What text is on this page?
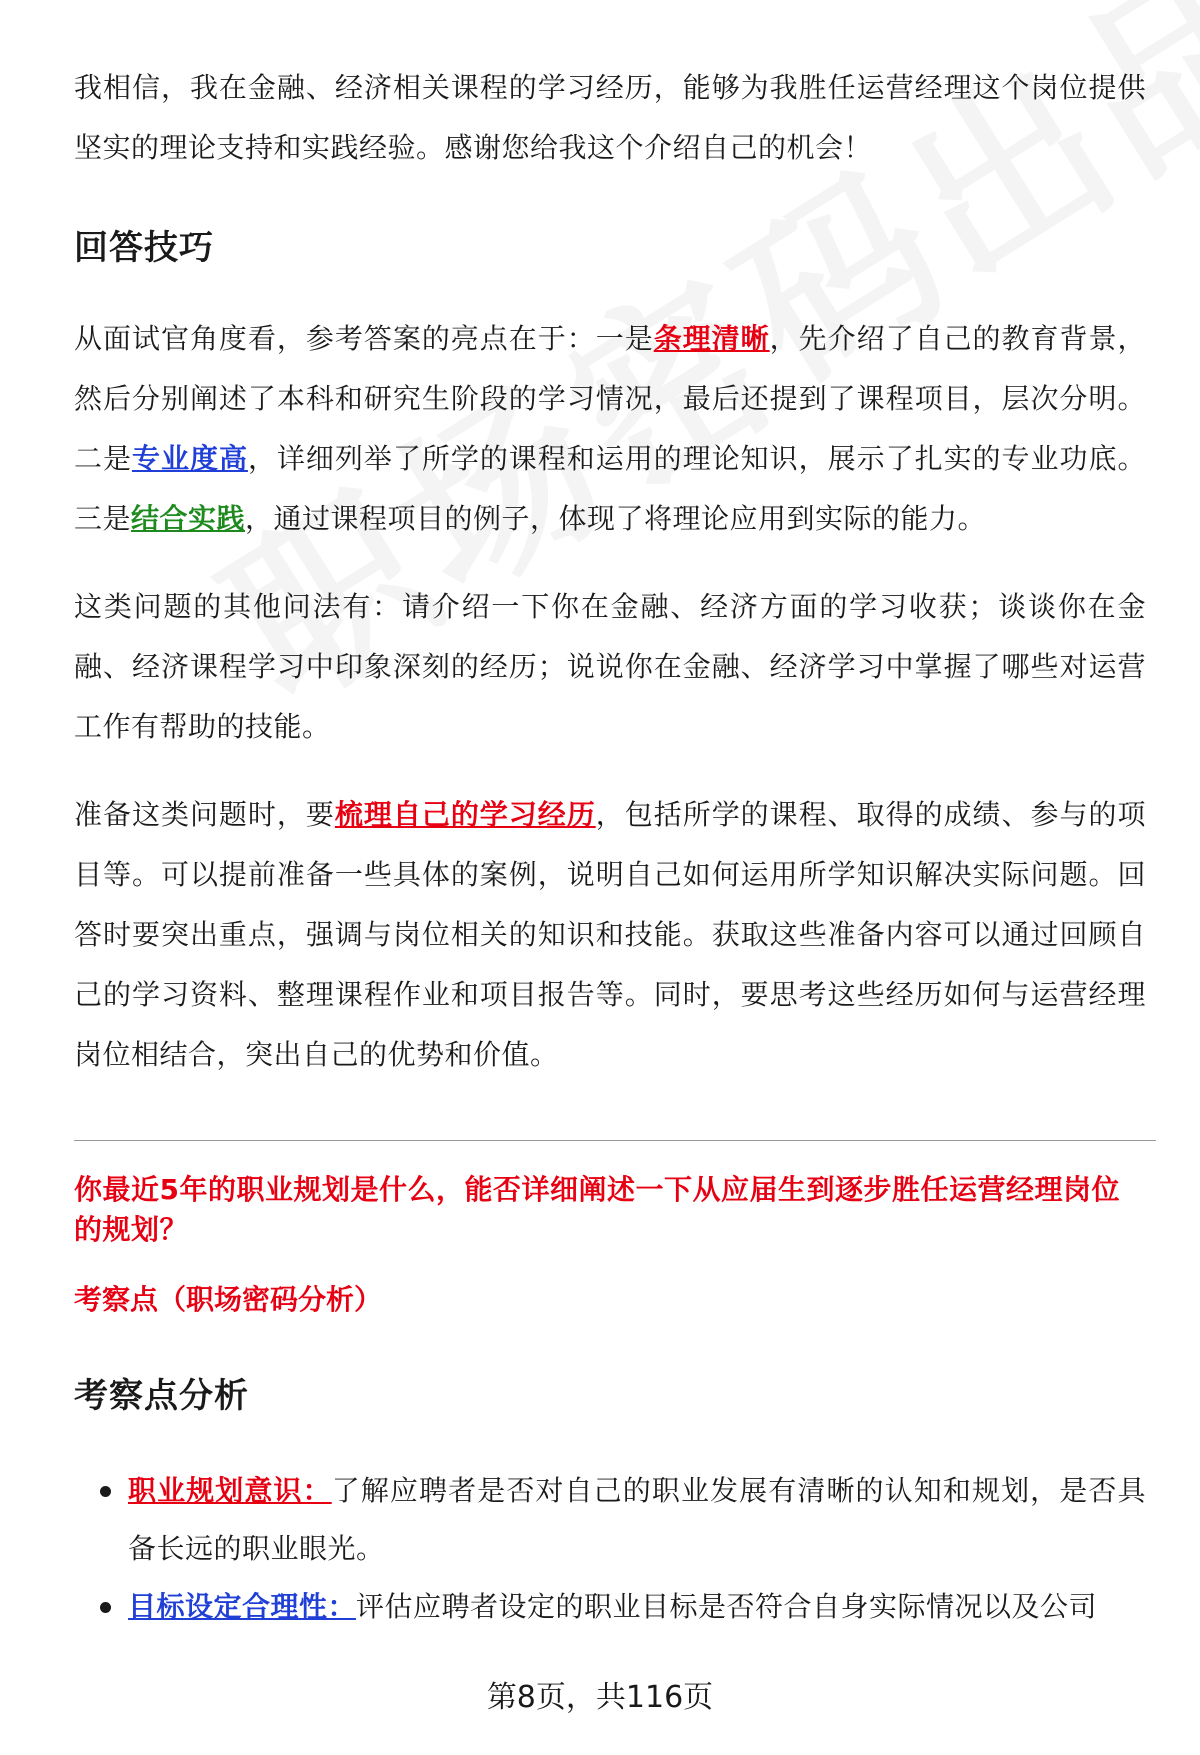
我相信，我在金融、经济相关课程的学习经历，能够为我胜任运营经理这个岗位提供坚实的理论支持和实践经验。感谢您给我这个介绍自己的机会！

回答技巧

从面试官角度看，参考答案的亮点在于：一是条理清晰，先介绍了自己的教育背景，然后分别阐述了本科和研究生阶段的学习情况，最后还提到了课程项目，层次分明。二是专业度高，详细列举了所学的课程和运用的理论知识，展示了扎实的专业功底。三是结合实践，通过课程项目的例子，体现了将理论应用到实际的能力。

这类问题的其他问法有：请介绍一下你在金融、经济方面的学习收获；谈谈你在金融、经济课程学习中印象深刻的经历；说说你在金融、经济学习中掌握了哪些对运营工作有帮助的技能。

准备这类问题时，要梳理自己的学习经历，包括所学的课程、取得的成绩、参与的项目等。可以提前准备一些具体的案例，说明自己如何运用所学知识解决实际问题。回答时要突出重点，强调与岗位相关的知识和技能。获取这些准备内容可以通过回顾自己的学习资料、整理课程作业和项目报告等。同时，要思考这些经历如何与运营经理岗位相结合，突出自己的优势和价值。

你最近5年的职业规划是什么，能否详细阐述一下从应届生到逐步胜任运营经理岗位的规划？
考察点（职场密码分析）
考察点分析
职业规划意识：了解应聘者是否对自己的职业发展有清晰的认知和规划，是否具备长远的职业眼光。
目标设定合理性：评估应聘者设定的职业目标是否符合自身实际情况以及公司
第8页，共116页
